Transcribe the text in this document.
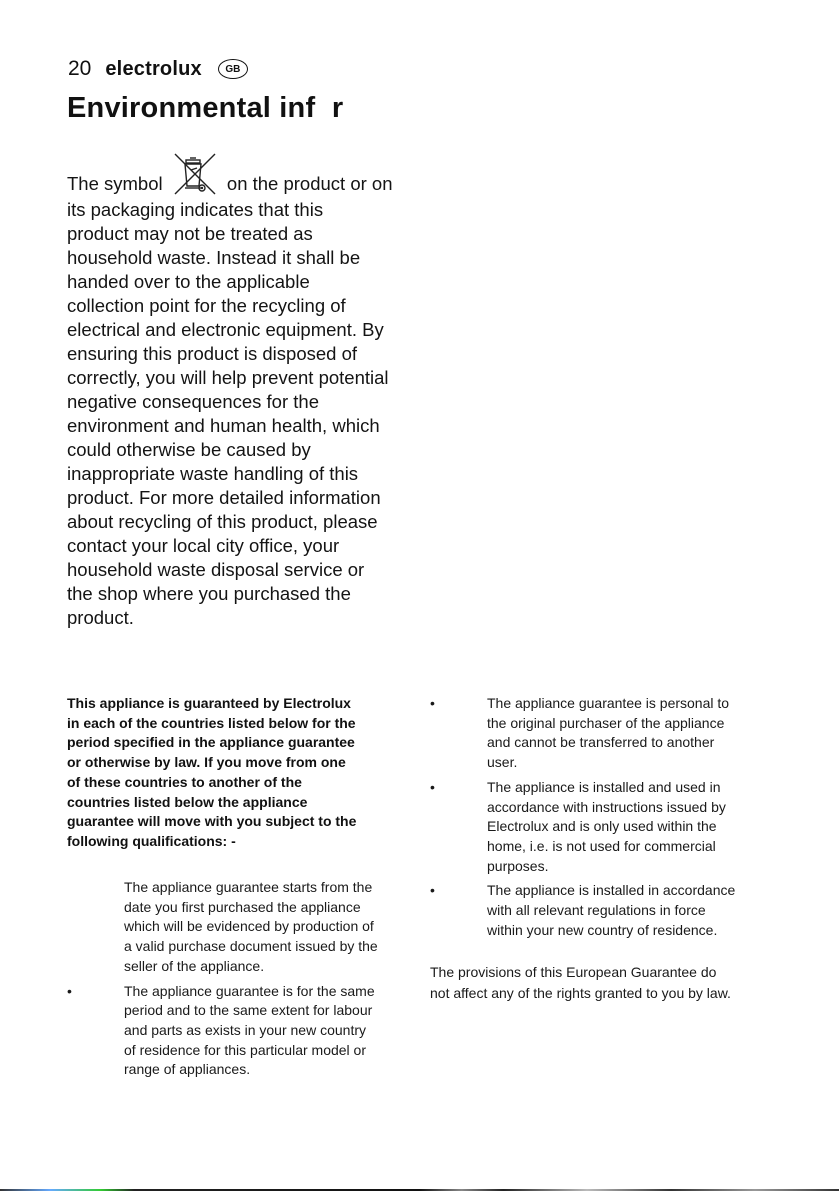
20 electrolux	GB
Environmental inf  r
The symbol	on the product or on
its packaging indicates that this
product may not be treated as
household waste. Instead it shall be
handed over to the applicable
collection point for the recycling of
electrical and electronic equipment. By
ensuring this product is disposed of
correctly, you will help prevent potential
negative consequences for the
environment and human health, which
could otherwise be caused by
inappropriate waste handling of this
product. For more detailed information
about recycling of this product, please
contact your local city office, your
household waste disposal service or
the shop where you purchased the
product.
This appliance is guaranteed by Electrolux
in each of the countries listed below for the
period specified in the appliance guarantee
or otherwise by law. If you move from one
of these countries to another of the
countries listed below the appliance
guarantee will move with you subject to the
following qualifications: -
The appliance guarantee starts from the
date you first purchased the appliance
which will be evidenced by production of
a valid purchase document issued by the
seller of the appliance.
•	The appliance guarantee is for the same
period and to the same extent for labour
and parts as exists in your new country
of residence for this particular model or
range of appliances.
•	The appliance guarantee is personal to
the original purchaser of the appliance
and cannot be transferred to another
user.
•	The appliance is installed and used in
accordance with instructions issued by
Electrolux and is only used within the
home, i.e. is not used for commercial
purposes.
•	The appliance is installed in accordance
with all relevant regulations in force
within your new country of residence.
The provisions of this European Guarantee do
not affect any of the rights granted to you by law.
